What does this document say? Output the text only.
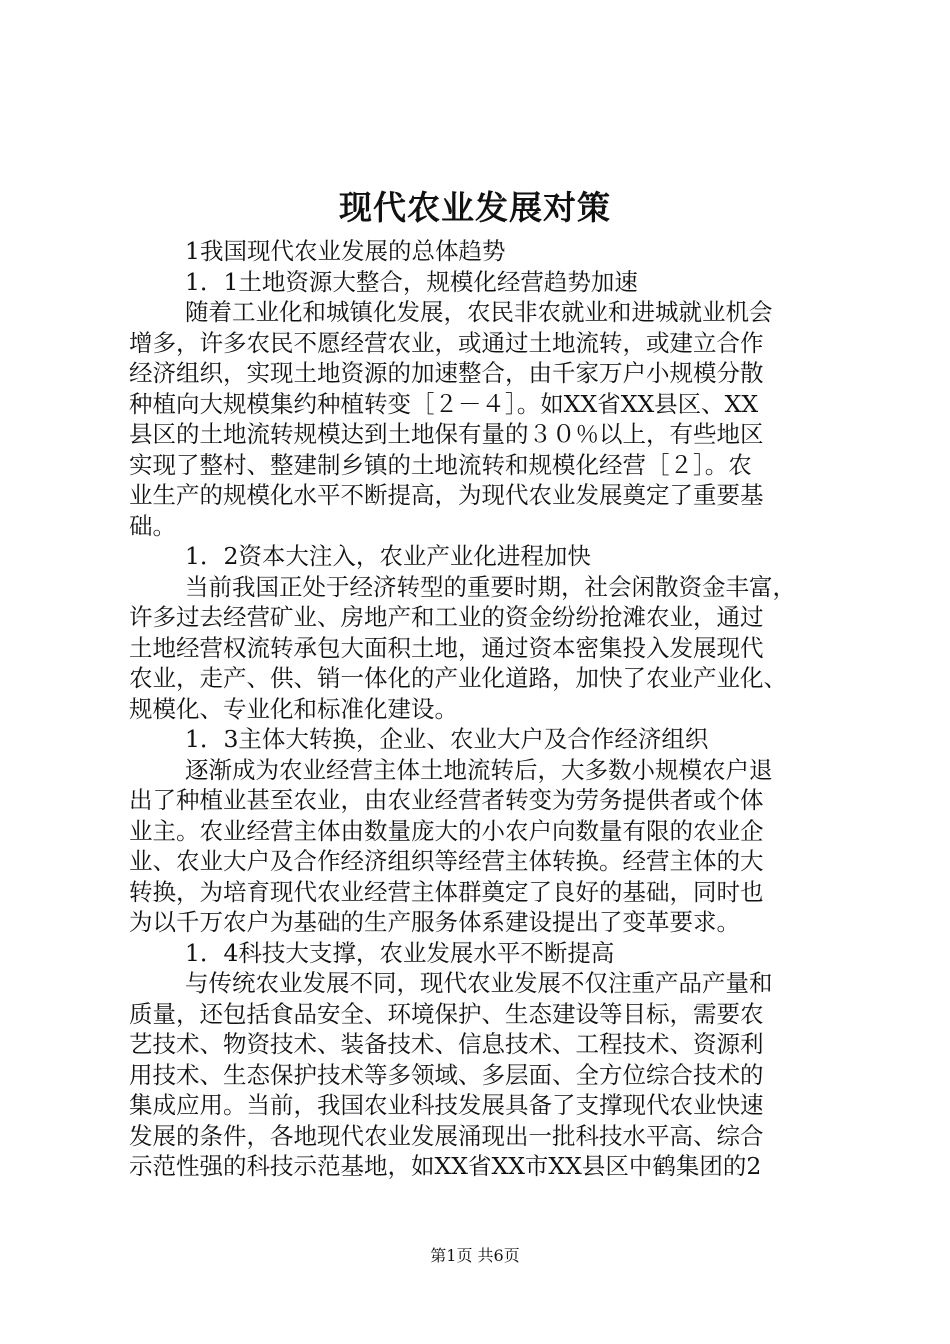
现代农业发展对策
1我国现代农业发展的总体趋势
1．1土地资源大整合，规模化经营趋势加速
随着工业化和城镇化发展，农民非农就业和进城就业机会
增多，许多农民不愿经营农业，或通过土地流转，或建立合作
经济组织，实现土地资源的加速整合，由千家万户小规模分散
种植向大规模集约种植转变［２－４］。如XX省XX县区、XX
县区的土地流转规模达到土地保有量的３０％以上，有些地区
实现了整村、整建制乡镇的土地流转和规模化经营［２］。农
业生产的规模化水平不断提高，为现代农业发展奠定了重要基
础。
1．2资本大注入，农业产业化进程加快
当前我国正处于经济转型的重要时期，社会闲散资金丰富，
许多过去经营矿业、房地产和工业的资金纷纷抢滩农业，通过
土地经营权流转承包大面积土地，通过资本密集投入发展现代
农业，走产、供、销一体化的产业化道路，加快了农业产业化、
规模化、专业化和标准化建设。
1．3主体大转换，企业、农业大户及合作经济组织
逐渐成为农业经营主体土地流转后，大多数小规模农户退
出了种植业甚至农业，由农业经营者转变为劳务提供者或个体
业主。农业经营主体由数量庞大的小农户向数量有限的农业企
业、农业大户及合作经济组织等经营主体转换。经营主体的大
转换，为培育现代农业经营主体群奠定了良好的基础，同时也
为以千万农户为基础的生产服务体系建设提出了变革要求。
1．4科技大支撑，农业发展水平不断提高
与传统农业发展不同，现代农业发展不仅注重产品产量和
质量，还包括食品安全、环境保护、生态建设等目标，需要农
艺技术、物资技术、装备技术、信息技术、工程技术、资源利
用技术、生态保护技术等多领域、多层面、全方位综合技术的
集成应用。当前，我国农业科技发展具备了支撑现代农业快速
发展的条件，各地现代农业发展涌现出一批科技水平高、综合
示范性强的科技示范基地，如XX省XX市XX县区中鹤集团的2
第1页 共6页
